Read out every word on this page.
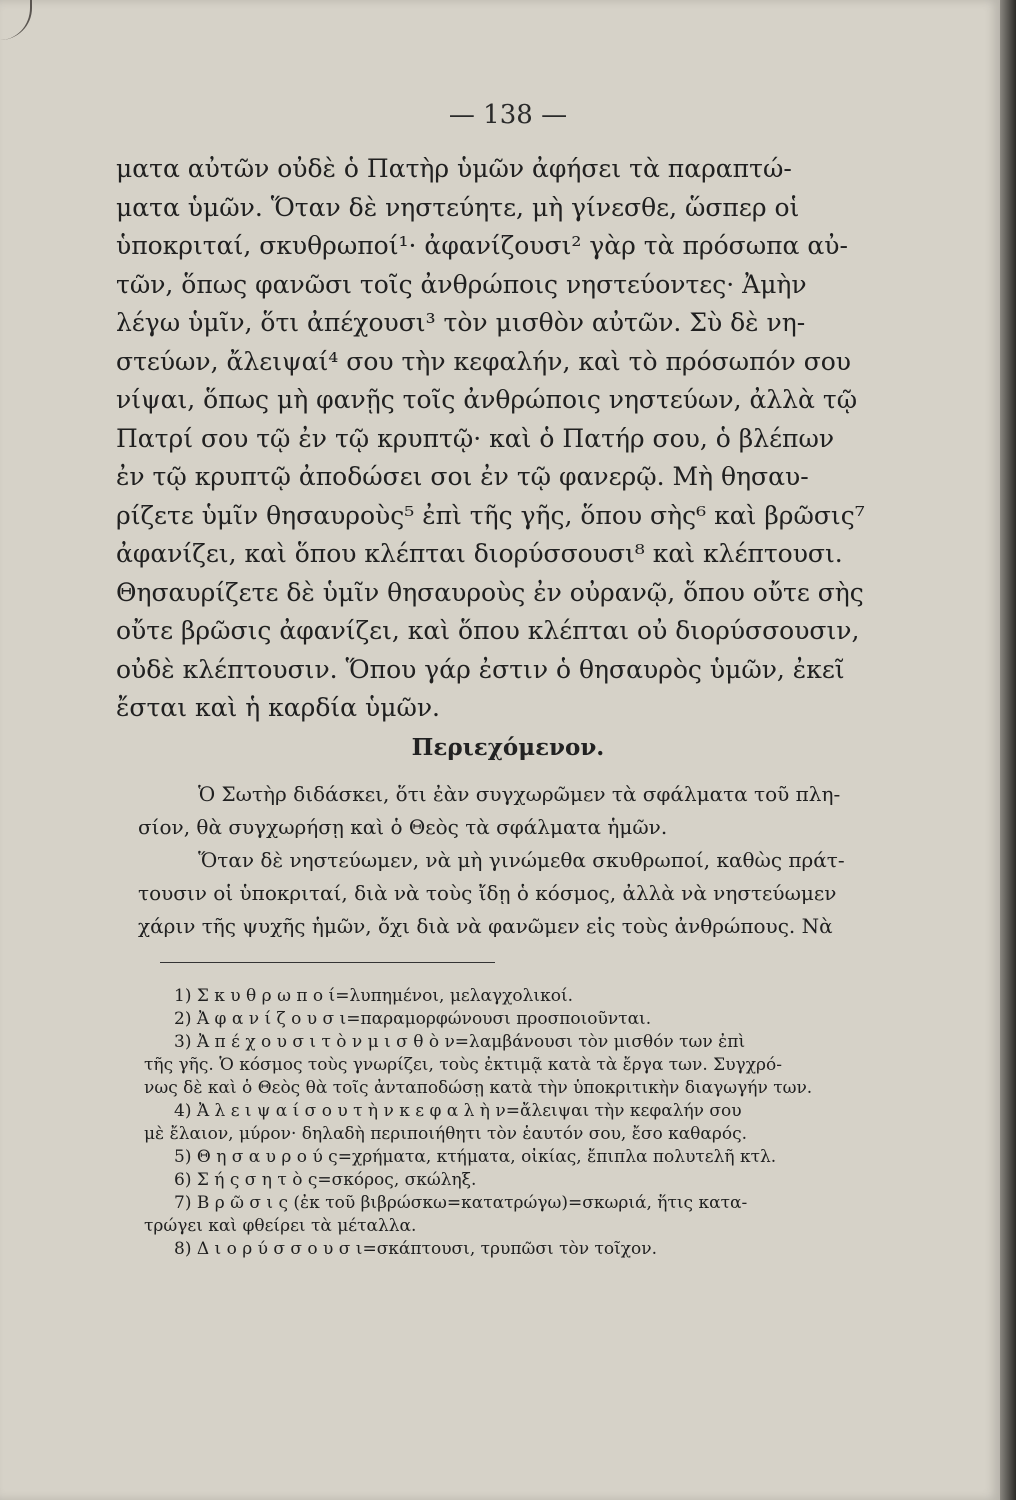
— 138 —
ματα αὐτῶν οὐδὲ ὁ Πατὴρ ὑμῶν ἀφήσει τὰ παραπτώ-
ματα ὑμῶν. Ὅταν δὲ νηστεύητε, μὴ γίνεσθε, ὥσπερ οἱ
ὑποκριταί, σκυθρωποί¹· ἀφανίζουσι² γὰρ τὰ πρόσωπα αὐ-
τῶν, ὅπως φανῶσι τοῖς ἀνθρώποις νηστεύοντες· Ἀμὴν
λέγω ὑμῖν, ὅτι ἀπέχουσι³ τὸν μισθὸν αὐτῶν. Σὺ δὲ νη-
στεύων, ἄλειψαί⁴ σου τὴν κεφαλήν, καὶ τὸ πρόσωπόν σου
νίψαι, ὅπως μὴ φανῇς τοῖς ἀνθρώποις νηστεύων, ἀλλὰ τῷ
Πατρί σου τῷ ἐν τῷ κρυπτῷ· καὶ ὁ Πατήρ σου, ὁ βλέπων
ἐν τῷ κρυπτῷ ἀποδώσει σοι ἐν τῷ φανερῷ. Μὴ θησαυ-
ρίζετε ὑμῖν θησαυροὺς⁵ ἐπὶ τῆς γῆς, ὅπου σὴς⁶ καὶ βρῶσις⁷
ἀφανίζει, καὶ ὅπου κλέπται διορύσσουσι⁸ καὶ κλέπτουσι.
Θησαυρίζετε δὲ ὑμῖν θησαυροὺς ἐν οὐρανῷ, ὅπου οὔτε σὴς
οὔτε βρῶσις ἀφανίζει, καὶ ὅπου κλέπται οὐ διορύσσουσιν,
οὐδὲ κλέπτουσιν. Ὅπου γάρ ἐστιν ὁ θησαυρὸς ὑμῶν, ἐκεῖ
ἔσται καὶ ἡ καρδία ὑμῶν.
Περιεχόμενον.
Ὁ Σωτὴρ διδάσκει, ὅτι ἐὰν συγχωρῶμεν τὰ σφάλματα τοῦ πλη-
σίον, θὰ συγχωρήσῃ καὶ ὁ Θεὸς τὰ σφάλματα ἡμῶν.
Ὅταν δὲ νηστεύωμεν, νὰ μὴ γινώμεθα σκυθρωποί, καθὼς πράτ-
τουσιν οἱ ὑποκριταί, διὰ νὰ τοὺς ἴδῃ ὁ κόσμος, ἀλλὰ νὰ νηστεύωμεν
χάριν τῆς ψυχῆς ἡμῶν, ὄχι διὰ νὰ φανῶμεν εἰς τοὺς ἀνθρώπους. Νὰ
1) Σ κ υ θ ρ ω π ο ί=λυπημένοι, μελαγχολικοί.
2) Ἀ φ α ν ί ζ ο υ σ ι=παραμορφώνουσι προσποιοῦνται.
3) Ἀ π έ χ ο υ σ ι τ ὸ ν μ ι σ θ ὸ ν=λαμβάνουσι τὸν μισθόν των ἐπὶ
τῆς γῆς. Ὁ κόσμος τοὺς γνωρίζει, τοὺς ἐκτιμᾷ κατὰ τὰ ἔργα των. Συγχρό-
νως δὲ καὶ ὁ Θεὸς θὰ τοῖς ἀνταποδώσῃ κατὰ τὴν ὑποκριτικὴν διαγωγήν των.
4) Ἀ λ ε ι ψ α ί σ ο υ τ ὴ ν κ ε φ α λ ὴ ν=ἄλειψαι τὴν κεφαλήν σου
μὲ ἔλαιον, μύρον· δηλαδὴ περιποιήθητι τὸν ἑαυτόν σου, ἔσο καθαρός.
5) Θ η σ α υ ρ ο ύ ς=χρήματα, κτήματα, οἰκίας, ἔπιπλα πολυτελῆ κτλ.
6) Σ ή ς σ η τ ὸ ς=σκόρος, σκώληξ.
7) Β ρ ῶ σ ι ς (ἐκ τοῦ βιβρώσκω=κατατρώγω)=σκωριά, ἥτις κατα-
τρώγει καὶ φθείρει τὰ μέταλλα.
8) Δ ι ο ρ ύ σ σ ο υ σ ι=σκάπτουσι, τρυπῶσι τὸν τοῖχον.
